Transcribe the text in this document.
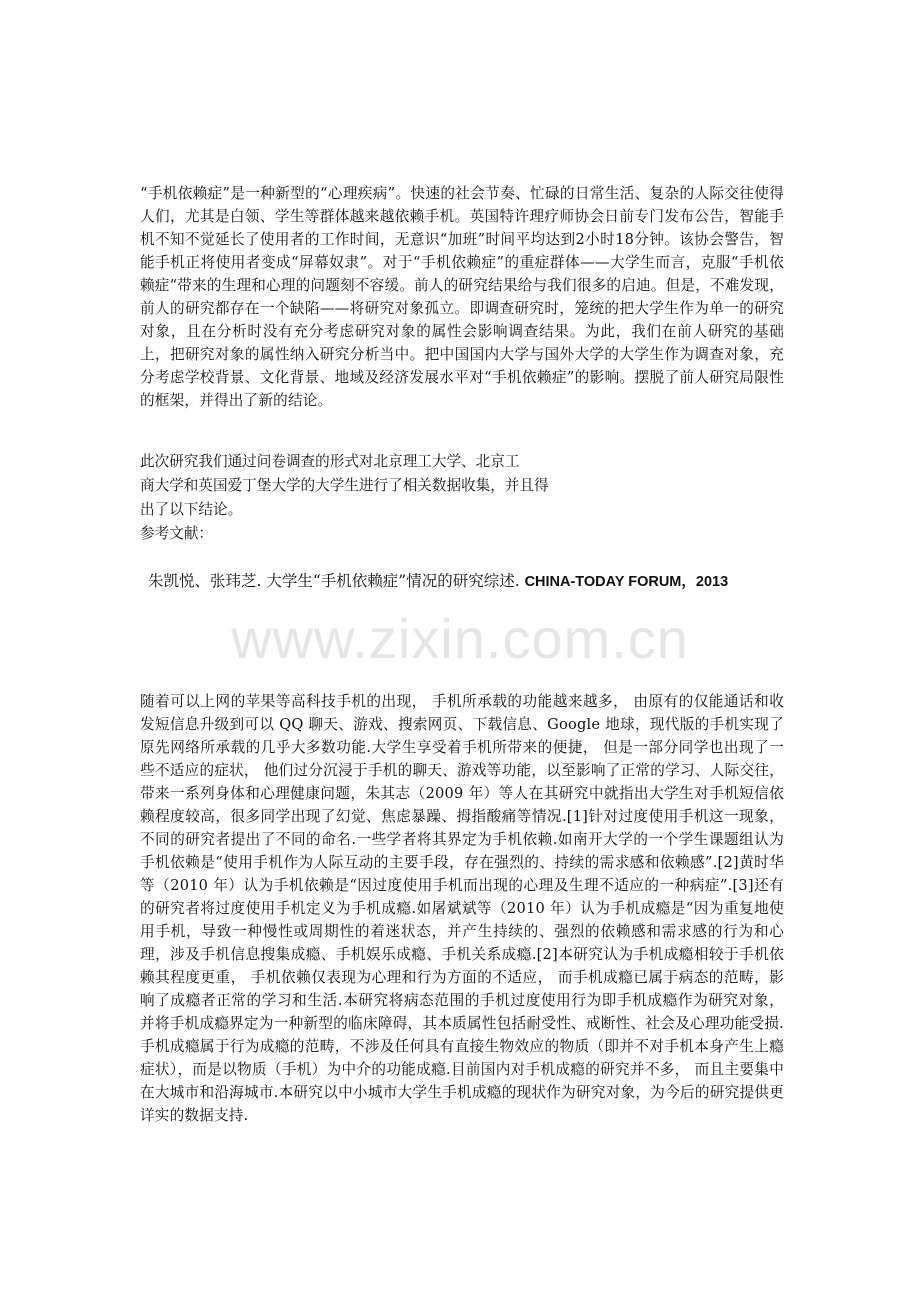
“手机依赖症”是一种新型的“心理疾病”。快速的社会节奏、忙碌的日常生活、复杂的人际交往使得人们，尤其是白领、学生等群体越来越依赖手机。英国特许理疗师协会日前专门发布公告，智能手机不知不觉延长了使用者的工作时间，无意识“加班”时间平均达到2小时18分钟。该协会警告，智能手机正将使用者变成“屏幕奴隶”。对于“手机依赖症”的重症群体——大学生而言，克服“手机依赖症“带来的生理和心理的问题刻不容缓。前人的研究结果给与我们很多的启迪。但是，不难发现，前人的研究都存在一个缺陷——将研究对象孤立。即调查研究时，笼统的把大学生作为单一的研究对象，且在分析时没有充分考虑研究对象的属性会影响调查结果。为此，我们在前人研究的基础上，把研究对象的属性纳入研究分析当中。把中国国内大学与国外大学的大学生作为调查对象，充分考虑学校背景、文化背景、地域及经济发展水平对“手机依赖症”的影响。摆脱了前人研究局限性的框架，并得出了新的结论。

此次研究我们通过问卷调查的形式对北京理工大学、北京工

商大学和英国爱丁堡大学的大学生进行了相关数据收集，并且得

出了以下结论。

参考文献：

朱凯悦、张玮芝. 大学生“手机依赖症”情况的研究综述. CHINA-TODAY FORUM，2013

www.zixin.com.cn

随着可以上网的苹果等高科技手机的出现， 手机所承载的功能越来越多， 由原有的仅能通话和收发短信息升级到可以 QQ 聊天、游戏、搜索网页、下载信息、Google 地球，现代版的手机实现了原先网络所承载的几乎大多数功能.大学生享受着手机所带来的便捷， 但是一部分同学也出现了一些不适应的症状， 他们过分沉浸于手机的聊天、游戏等功能，以至影响了正常的学习、人际交往，带来一系列身体和心理健康问题，朱其志（2009 年）等人在其研究中就指出大学生对手机短信依赖程度较高，很多同学出现了幻觉、焦虑暴躁、拇指酸痛等情况.[1]针对过度使用手机这一现象， 不同的研究者提出了不同的命名.一些学者将其界定为手机依赖.如南开大学的一个学生课题组认为手机依赖是“使用手机作为人际互动的主要手段，存在强烈的、持续的需求感和依赖感”.[2]黄时华等（2010 年）认为手机依赖是“因过度使用手机而出现的心理及生理不适应的一种病症”.[3]还有的研究者将过度使用手机定义为手机成瘾.如屠斌斌等（2010 年）认为手机成瘾是“因为重复地使用手机，导致一种慢性或周期性的着迷状态，并产生持续的、强烈的依赖感和需求感的行为和心理，涉及手机信息搜集成瘾、手机娱乐成瘾、手机关系成瘾.[2]本研究认为手机成瘾相较于手机依赖其程度更重， 手机依赖仅表现为心理和行为方面的不适应， 而手机成瘾已属于病态的范畴，影响了成瘾者正常的学习和生活.本研究将病态范围的手机过度使用行为即手机成瘾作为研究对象， 并将手机成瘾界定为一种新型的临床障碍，其本质属性包括耐受性、戒断性、社会及心理功能受损.手机成瘾属于行为成瘾的范畴，不涉及任何具有直接生物效应的物质（即并不对手机本身产生上瘾症状），而是以物质（手机）为中介的功能成瘾.目前国内对手机成瘾的研究并不多， 而且主要集中在大城市和沿海城市.本研究以中小城市大学生手机成瘾的现状作为研究对象，为今后的研究提供更详实的数据支持.
